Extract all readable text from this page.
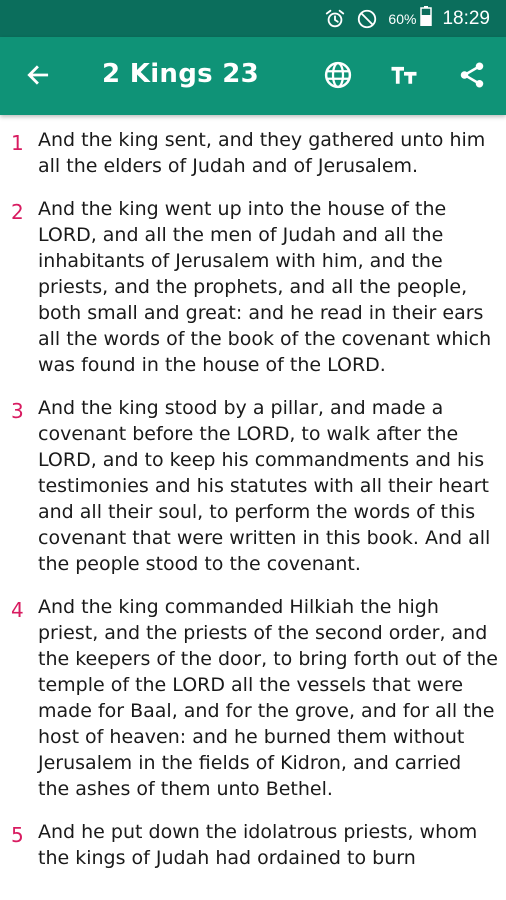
60% 18:29
2 Kings 23
1 And the king sent, and they gathered unto him all the elders of Judah and of Jerusalem.
2 And the king went up into the house of the LORD, and all the men of Judah and all the inhabitants of Jerusalem with him, and the priests, and the prophets, and all the people, both small and great: and he read in their ears all the words of the book of the covenant which was found in the house of the LORD.
3 And the king stood by a pillar, and made a covenant before the LORD, to walk after the LORD, and to keep his commandments and his testimonies and his statutes with all their heart and all their soul, to perform the words of this covenant that were written in this book. And all the people stood to the covenant.
4 And the king commanded Hilkiah the high priest, and the priests of the second order, and the keepers of the door, to bring forth out of the temple of the LORD all the vessels that were made for Baal, and for the grove, and for all the host of heaven: and he burned them without Jerusalem in the fields of Kidron, and carried the ashes of them unto Bethel.
5 And he put down the idolatrous priests, whom the kings of Judah had ordained to burn
